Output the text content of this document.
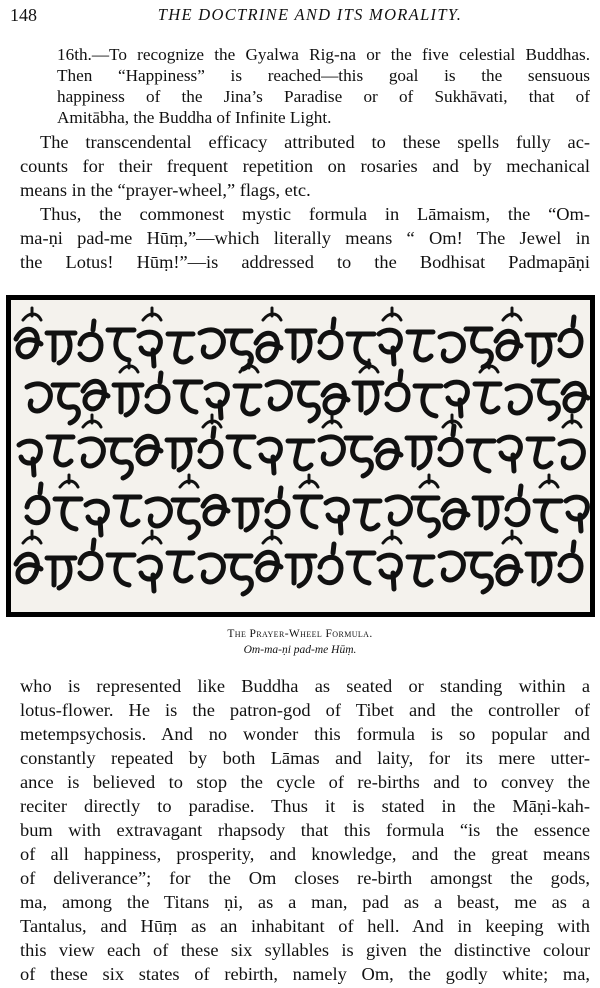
148	THE DOCTRINE AND ITS MORALITY.
16th.—To recognize the Gyalwa Rig-na or the five celestial Buddhas.
Then “Happiness” is reached—this goal is the sensuous
happiness of the Jina’s Paradise or of Sukhāvati, that of
Amitābha, the Buddha of Infinite Light.
The transcendental efficacy attributed to these spells fully ac-
counts for their frequent repetition on rosaries and by mechanical
means in the “prayer-wheel,” flags, etc.
Thus, the commonest mystic formula in Lāmaism, the “Om-
ma-ṇi pad-me Hūṃ,”—which literally means “ Om! The Jewel in
the Lotus! Hūṃ!”—is addressed to the Bodhisat Padmapāṇi
The Prayer-Wheel Formula.
Om-ma-ṇi pad-me Hūṃ.
who is represented like Buddha as seated or standing within a
lotus-flower. He is the patron-god of Tibet and the controller of
metempsychosis. And no wonder this formula is so popular and
constantly repeated by both Lāmas and laity, for its mere utter-
ance is believed to stop the cycle of re-births and to convey the
reciter directly to paradise. Thus it is stated in the Māṇi-kah-
bum with extravagant rhapsody that this formula “is the essence
of all happiness, prosperity, and knowledge, and the great means
of deliverance”; for the Om closes re-birth amongst the gods,
ma, among the Titans ṇi, as a man, pad as a beast, me as a
Tantalus, and Hūṃ as an inhabitant of hell. And in keeping with
this view each of these six syllables is given the distinctive colour
of these six states of rebirth, namely Om, the godly white; ma,
